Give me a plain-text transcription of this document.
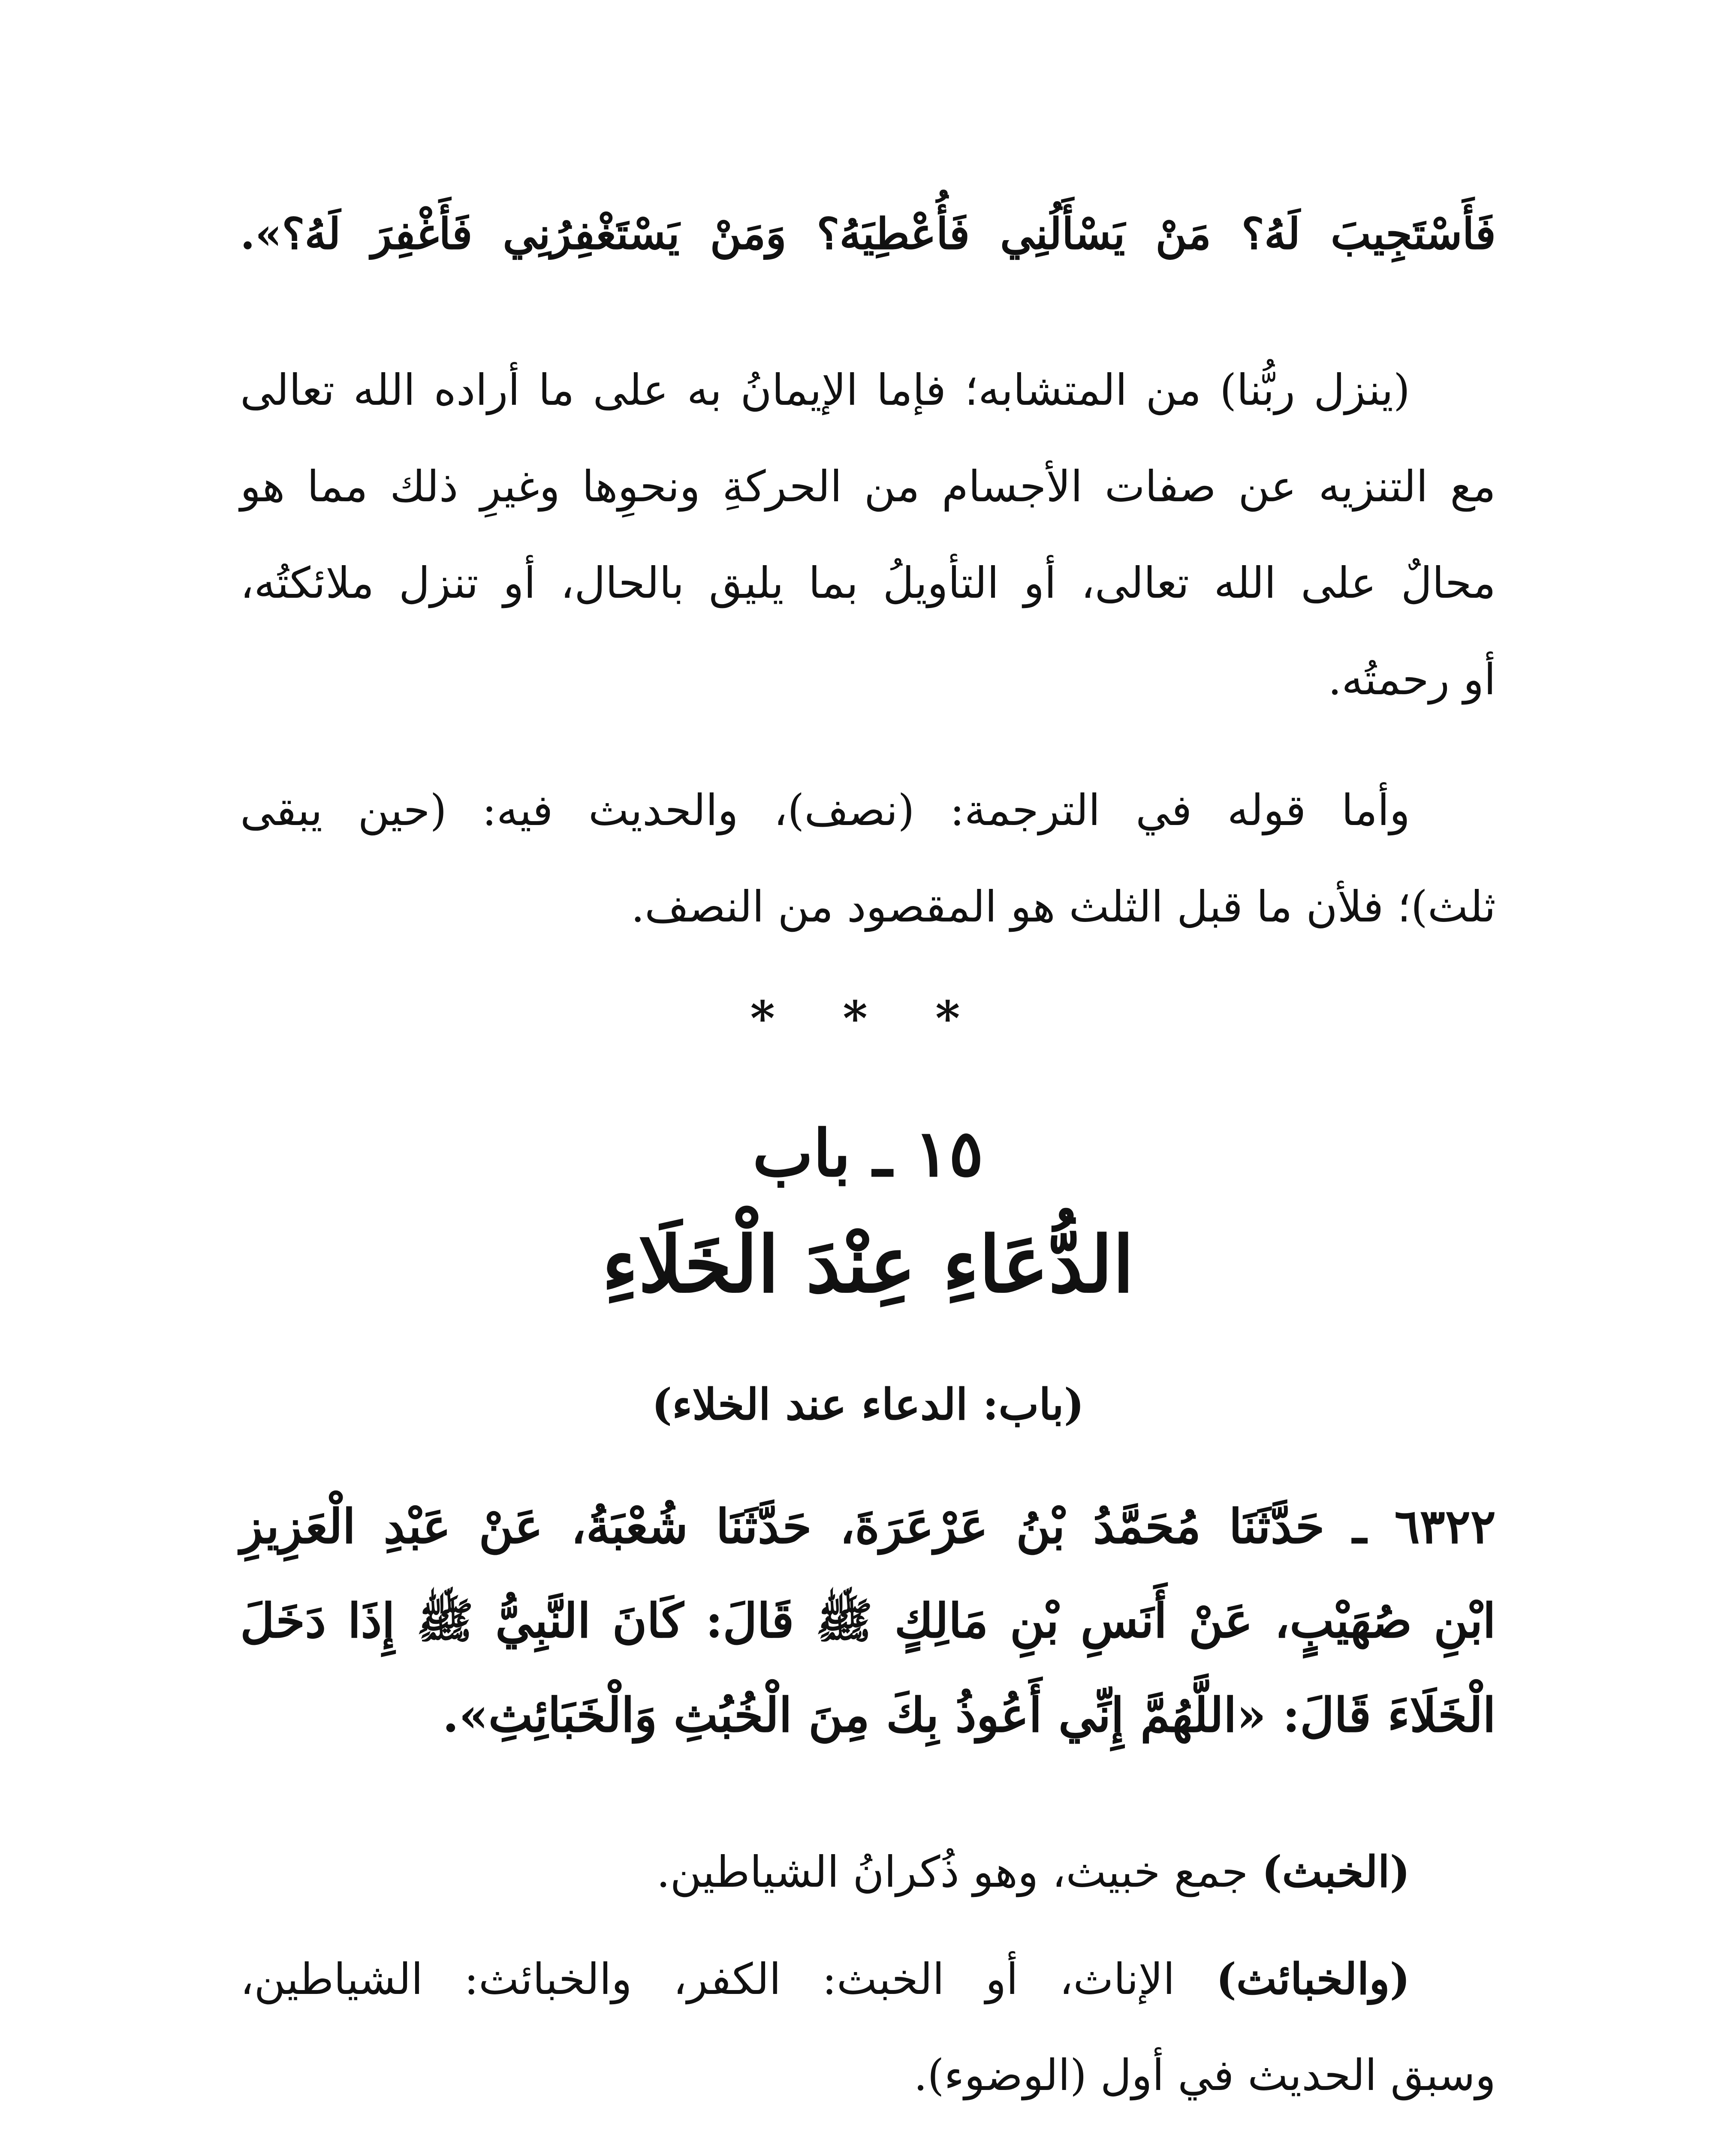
فَأَسْتَجِيبَ لَهُ؟ مَنْ يَسْأَلُنِي فَأُعْطِيَهُ؟ وَمَنْ يَسْتَغْفِرُنِي فَأَغْفِرَ لَهُ؟».
(ينزل ربُّنا) من المتشابه؛ فإما الإيمانُ به على ما أراده الله تعالى
مع التنزيه عن صفات الأجسام من الحركةِ ونحوِها وغيرِ ذلك مما هو
محالٌ على الله تعالى، أو التأويلُ بما يليق بالحال، أو تنزل ملائكتُه،
أو رحمتُه.
وأما قوله في الترجمة: (نصف)، والحديث فيه: (حين يبقى
ثلث)؛ فلأن ما قبل الثلث هو المقصود من النصف.
* * *
١٥ ـ باب
الدُّعَاءِ عِنْدَ الْخَلَاءِ
(باب: الدعاء عند الخلاء)
٦٣٢٢ ـ حَدَّثَنَا مُحَمَّدُ بْنُ عَرْعَرَةَ، حَدَّثَنَا شُعْبَةُ، عَنْ عَبْدِ الْعَزِيزِ
ابْنِ صُهَيْبٍ، عَنْ أَنَسِ بْنِ مَالِكٍ ﷺ قَالَ: كَانَ النَّبِيُّ ﷺ إِذَا دَخَلَ
الْخَلَاءَ قَالَ: «اللَّهُمَّ إِنِّي أَعُوذُ بِكَ مِنَ الْخُبُثِ وَالْخَبَائِثِ».
(الخبث) جمع خبيث، وهو ذُكرانُ الشياطين.
(والخبائث) الإناث، أو الخبث: الكفر، والخبائث: الشياطين،
وسبق الحديث في أول (الوضوء).
